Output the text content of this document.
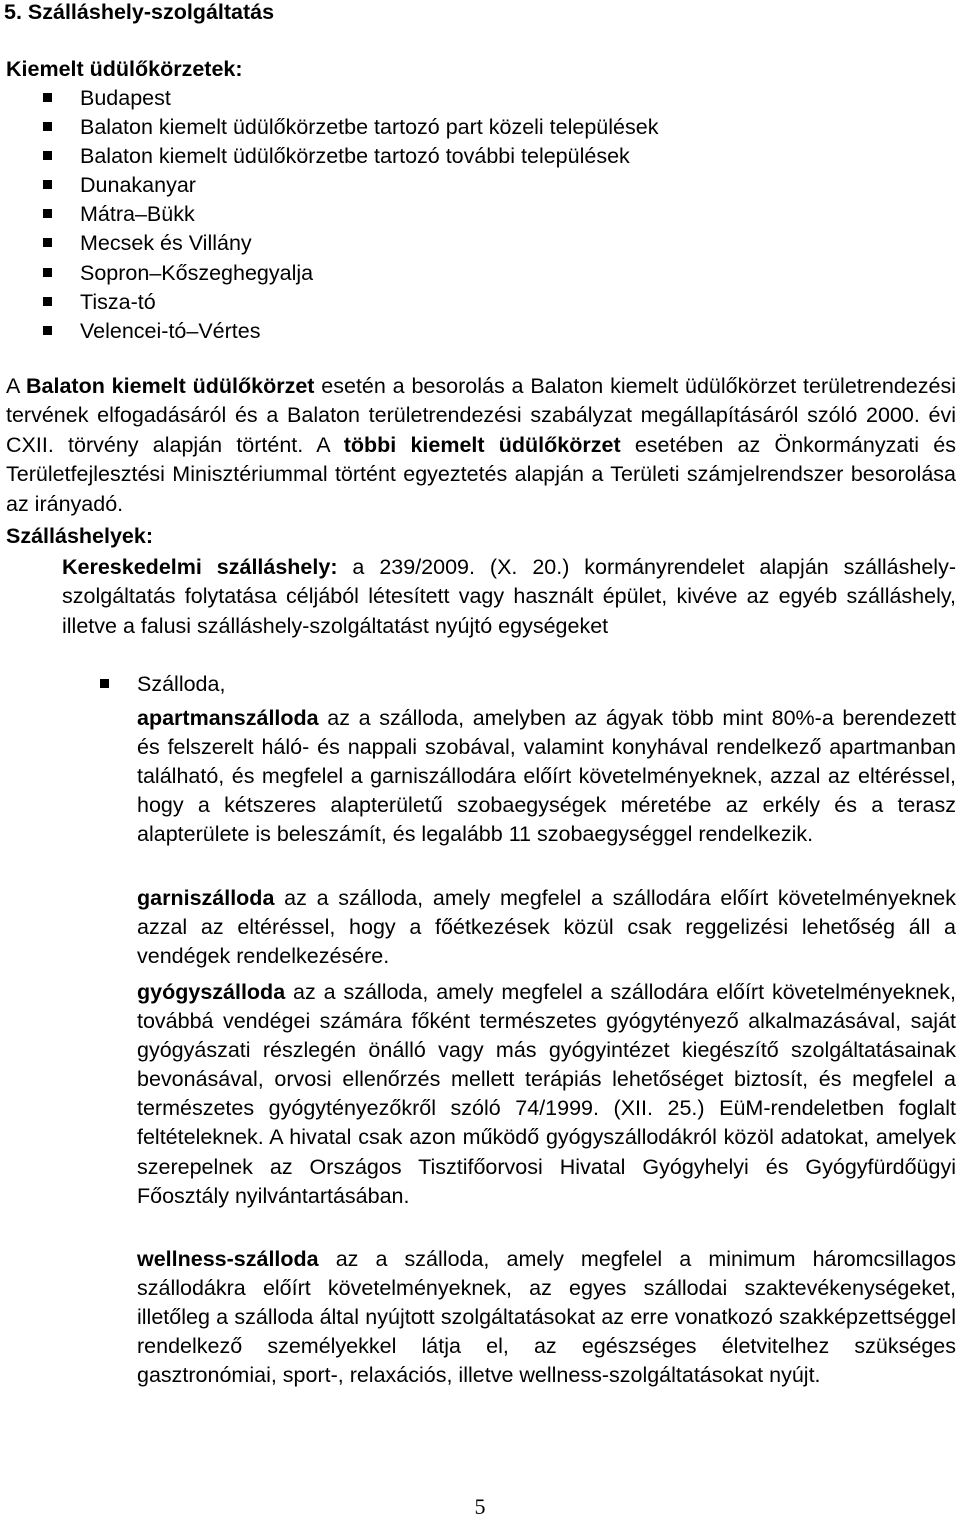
5. Szálláshely-szolgáltatás
Kiemelt üdülőkörzetek:
Budapest
Balaton kiemelt üdülőkörzetbe tartozó part közeli települések
Balaton kiemelt üdülőkörzetbe tartozó további települések
Dunakanyar
Mátra–Bükk
Mecsek és Villány
Sopron–Kőszeghegyalja
Tisza-tó
Velencei-tó–Vértes

A Balaton kiemelt üdülőkörzet esetén a besorolás a Balaton kiemelt üdülőkörzet területrendezési tervének elfogadásáról és a Balaton területrendezési szabályzat megállapításáról szóló 2000. évi CXII. törvény alapján történt. A többi kiemelt üdülőkörzet esetében az Önkormányzati és Területfejlesztési Minisztériummal történt egyeztetés alapján a Területi számjelrendszer besorolása az irányadó.

Szálláshelyek:

Kereskedelmi szálláshely: a 239/2009. (X. 20.) kormányrendelet alapján szálláshely-szolgáltatás folytatása céljából létesített vagy használt épület, kivéve az egyéb szálláshely, illetve a falusi szálláshely-szolgáltatást nyújtó egységeket

Szálloda,

apartmanszálloda az a szálloda, amelyben az ágyak több mint 80%-a berendezett és felszerelt háló- és nappali szobával, valamint konyhával rendelkező apartmanban található, és megfelel a garniszállodára előírt követelményeknek, azzal az eltéréssel, hogy a kétszeres alapterületű szobaegységek méretébe az erkély és a terasz alapterülete is beleszámít, és legalább 11 szobaegységgel rendelkezik.

garniszálloda az a szálloda, amely megfelel a szállodára előírt követelményeknek azzal az eltéréssel, hogy a főétkezések közül csak reggelizési lehetőség áll a vendégek rendelkezésére.

gyógyszálloda az a szálloda, amely megfelel a szállodára előírt követelményeknek, továbbá vendégei számára főként természetes gyógytényező alkalmazásával, saját gyógyászati részlegén önálló vagy más gyógyintézet kiegészítő szolgáltatásainak bevonásával, orvosi ellenőrzés mellett terápiás lehetőséget biztosít, és megfelel a természetes gyógytényezőkről szóló 74/1999. (XII. 25.) EüM-rendeletben foglalt feltételeknek. A hivatal csak azon működő gyógyszállodákról közöl adatokat, amelyek szerepelnek az Országos Tisztifőorvosi Hivatal Gyógyhelyi és Gyógyfürdőügyi Főosztály nyilvántartásában.

wellness-szálloda az a szálloda, amely megfelel a minimum háromcsillagos szállodákra előírt követelményeknek, az egyes szállodai szaktevékenységeket, illetőleg a szálloda által nyújtott szolgáltatásokat az erre vonatkozó szakképzettséggel rendelkező személyekkel látja el, az egészséges életvitelhez szükséges gasztronómiai, sport-, relaxációs, illetve wellness-szolgáltatásokat nyújt.

5
